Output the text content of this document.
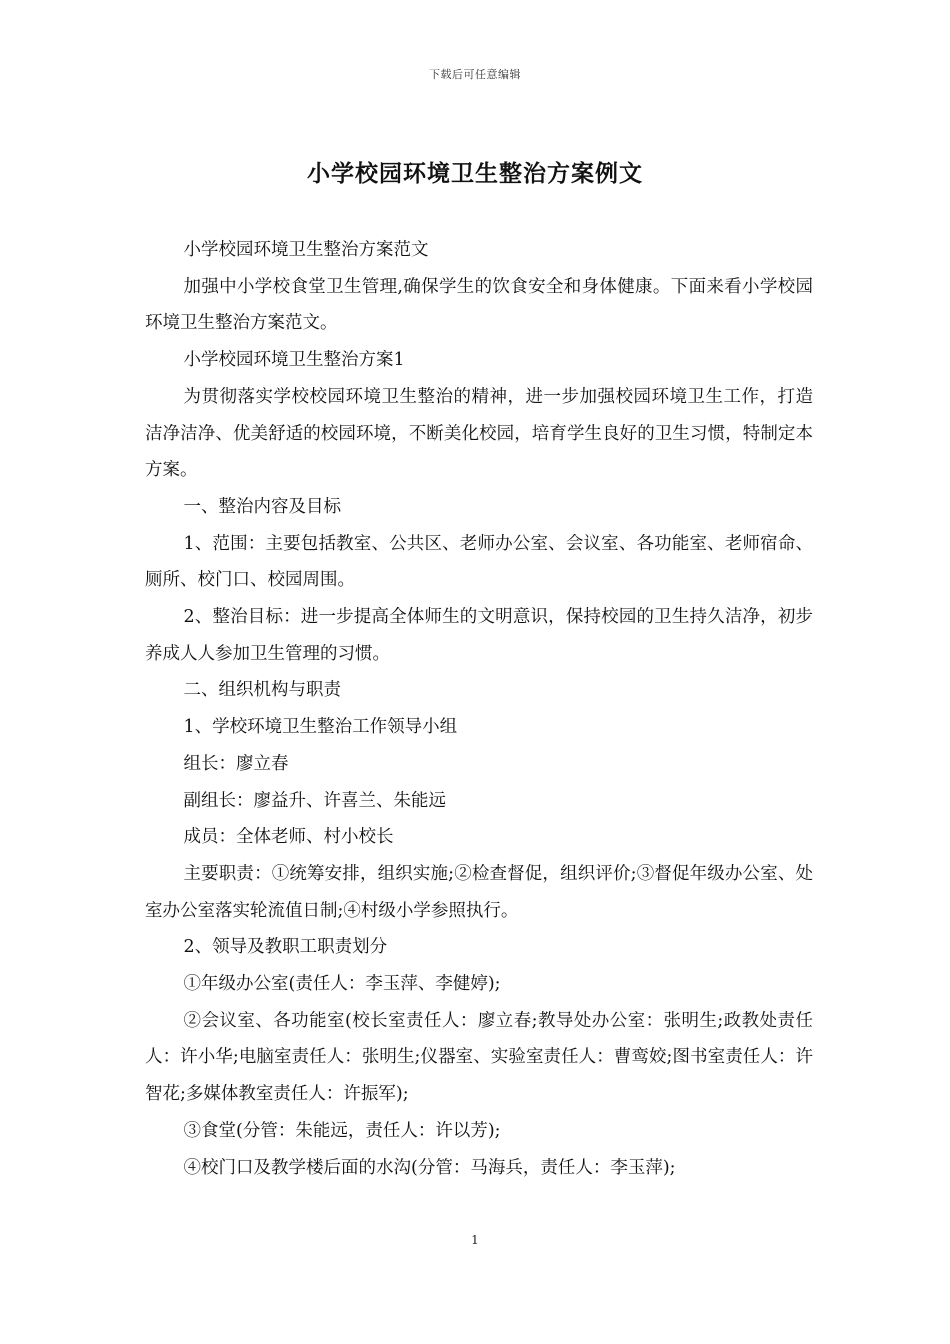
下载后可任意编辑
小学校园环境卫生整治方案例文

小学校园环境卫生整治方案范文

加强中小学校食堂卫生管理,确保学生的饮食安全和身体健康。下面来看小学校园环境卫生整治方案范文。

小学校园环境卫生整治方案1

为贯彻落实学校校园环境卫生整治的精神，进一步加强校园环境卫生工作，打造洁净洁净、优美舒适的校园环境，不断美化校园，培育学生良好的卫生习惯，特制定本方案。

一、整治内容及目标

1、范围：主要包括教室、公共区、老师办公室、会议室、各功能室、老师宿命、厕所、校门口、校园周围。

2、整治目标：进一步提高全体师生的文明意识，保持校园的卫生持久洁净，初步养成人人参加卫生管理的习惯。

二、组织机构与职责

1、学校环境卫生整治工作领导小组

组长：廖立春

副组长：廖益升、许喜兰、朱能远

成员：全体老师、村小校长

主要职责：①统筹安排，组织实施;②检查督促，组织评价;③督促年级办公室、处室办公室落实轮流值日制;④村级小学参照执行。

2、领导及教职工职责划分

①年级办公室(责任人：李玉萍、李健婷);

②会议室、各功能室(校长室责任人：廖立春;教导处办公室：张明生;政教处责任人：许小华;电脑室责任人：张明生;仪器室、实验室责任人：曹鸾姣;图书室责任人：许智花;多媒体教室责任人：许振军);

③食堂(分管：朱能远，责任人：许以芳);

④校门口及教学楼后面的水沟(分管：马海兵，责任人：李玉萍);

1
